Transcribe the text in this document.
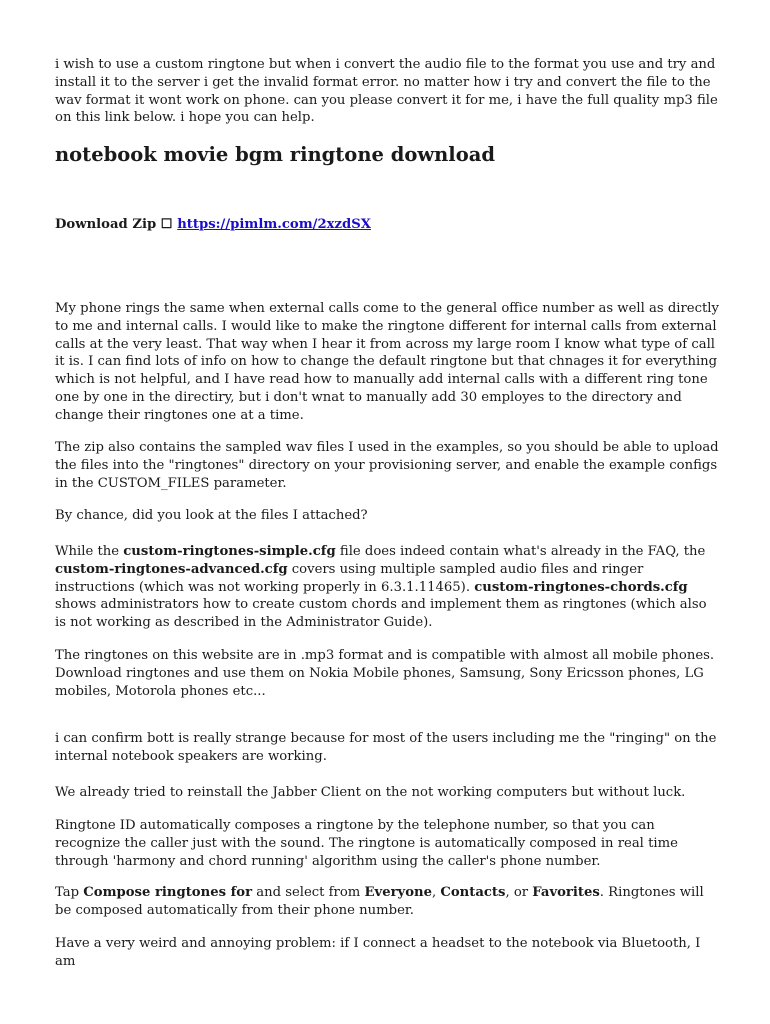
i wish to use a custom ringtone but when i convert the audio file to the format you use and try and install it to the server i get the invalid format error. no matter how i try and convert the file to the wav format it wont work on phone. can you please convert it for me, i have the full quality mp3 file on this link below. i hope you can help.

notebook movie bgm ringtone download

Download Zip ☐ https://pimlm.com/2xzdSX

My phone rings the same when external calls come to the general office number as well as directly to me and internal calls. I would like to make the ringtone different for internal calls from external calls at the very least. That way when I hear it from across my large room I know what type of call it is. I can find lots of info on how to change the default ringtone but that chnages it for everything which is not helpful, and I have read how to manually add internal calls with a different ring tone one by one in the directiry, but i don't wnat to manually add 30 employes to the directory and change their ringtones one at a time.

The zip also contains the sampled wav files I used in the examples, so you should be able to upload the files into the "ringtones" directory on your provisioning server, and enable the example configs in the CUSTOM_FILES parameter.

By chance, did you look at the files I attached?

While the custom-ringtones-simple.cfg file does indeed contain what's already in the FAQ, the custom-ringtones-advanced.cfg covers using multiple sampled audio files and ringer instructions (which was not working properly in 6.3.1.11465). custom-ringtones-chords.cfg shows administrators how to create custom chords and implement them as ringtones (which also is not working as described in the Administrator Guide).

The ringtones on this website are in .mp3 format and is compatible with almost all mobile phones. Download ringtones and use them on Nokia Mobile phones, Samsung, Sony Ericsson phones, LG mobiles, Motorola phones etc...

i can confirm bott is really strange because for most of the users including me the "ringing" on the internal notebook speakers are working.

We already tried to reinstall the Jabber Client on the not working computers but without luck.

Ringtone ID automatically composes a ringtone by the telephone number, so that you can recognize the caller just with the sound. The ringtone is automatically composed in real time through 'harmony and chord running' algorithm using the caller's phone number.

Tap Compose ringtones for and select from Everyone, Contacts, or Favorites. Ringtones will be composed automatically from their phone number.

Have a very weird and annoying problem: if I connect a headset to the notebook via Bluetooth, I am
